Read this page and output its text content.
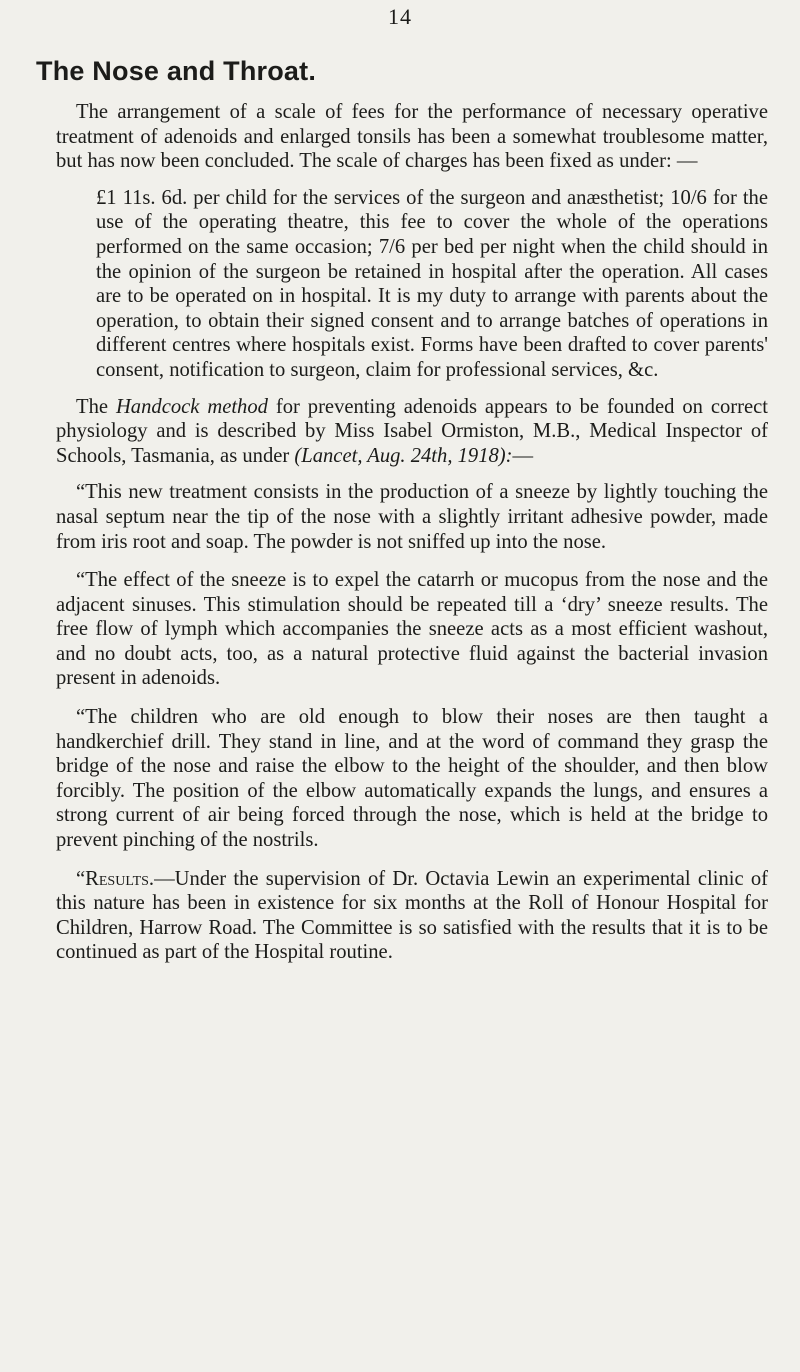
14
The Nose and Throat.

The arrangement of a scale of fees for the performance of necessary operative treatment of adenoids and enlarged tonsils has been a somewhat troublesome matter, but has now been concluded. The scale of charges has been fixed as under: —

£1 11s. 6d. per child for the services of the surgeon and anæsthetist; 10/6 for the use of the operating theatre, this fee to cover the whole of the operations performed on the same occasion; 7/6 per bed per night when the child should in the opinion of the surgeon be retained in hospital after the operation. All cases are to be operated on in hospital. It is my duty to arrange with parents about the operation, to obtain their signed consent and to arrange batches of operations in different centres where hospitals exist. Forms have been drafted to cover parents' consent, notification to surgeon, claim for professional services, &c.

The Handcock method for preventing adenoids appears to be founded on correct physiology and is described by Miss Isabel Ormiston, M.B., Medical Inspector of Schools, Tasmania, as under (Lancet, Aug. 24th, 1918):—

“This new treatment consists in the production of a sneeze by lightly touching the nasal septum near the tip of the nose with a slightly irritant adhesive powder, made from iris root and soap. The powder is not sniffed up into the nose.

“The effect of the sneeze is to expel the catarrh or mucopus from the nose and the adjacent sinuses. This stimulation should be repeated till a ‘dry’ sneeze results. The free flow of lymph which accompanies the sneeze acts as a most efficient washout, and no doubt acts, too, as a natural protective fluid against the bacterial invasion present in adenoids.

“The children who are old enough to blow their noses are then taught a handkerchief drill. They stand in line, and at the word of command they grasp the bridge of the nose and raise the elbow to the height of the shoulder, and then blow forcibly. The position of the elbow automatically expands the lungs, and ensures a strong current of air being forced through the nose, which is held at the bridge to prevent pinching of the nostrils.

“Results.—Under the supervision of Dr. Octavia Lewin an experimental clinic of this nature has been in existence for six months at the Roll of Honour Hospital for Children, Harrow Road. The Committee is so satisfied with the results that it is to be continued as part of the Hospital routine.
